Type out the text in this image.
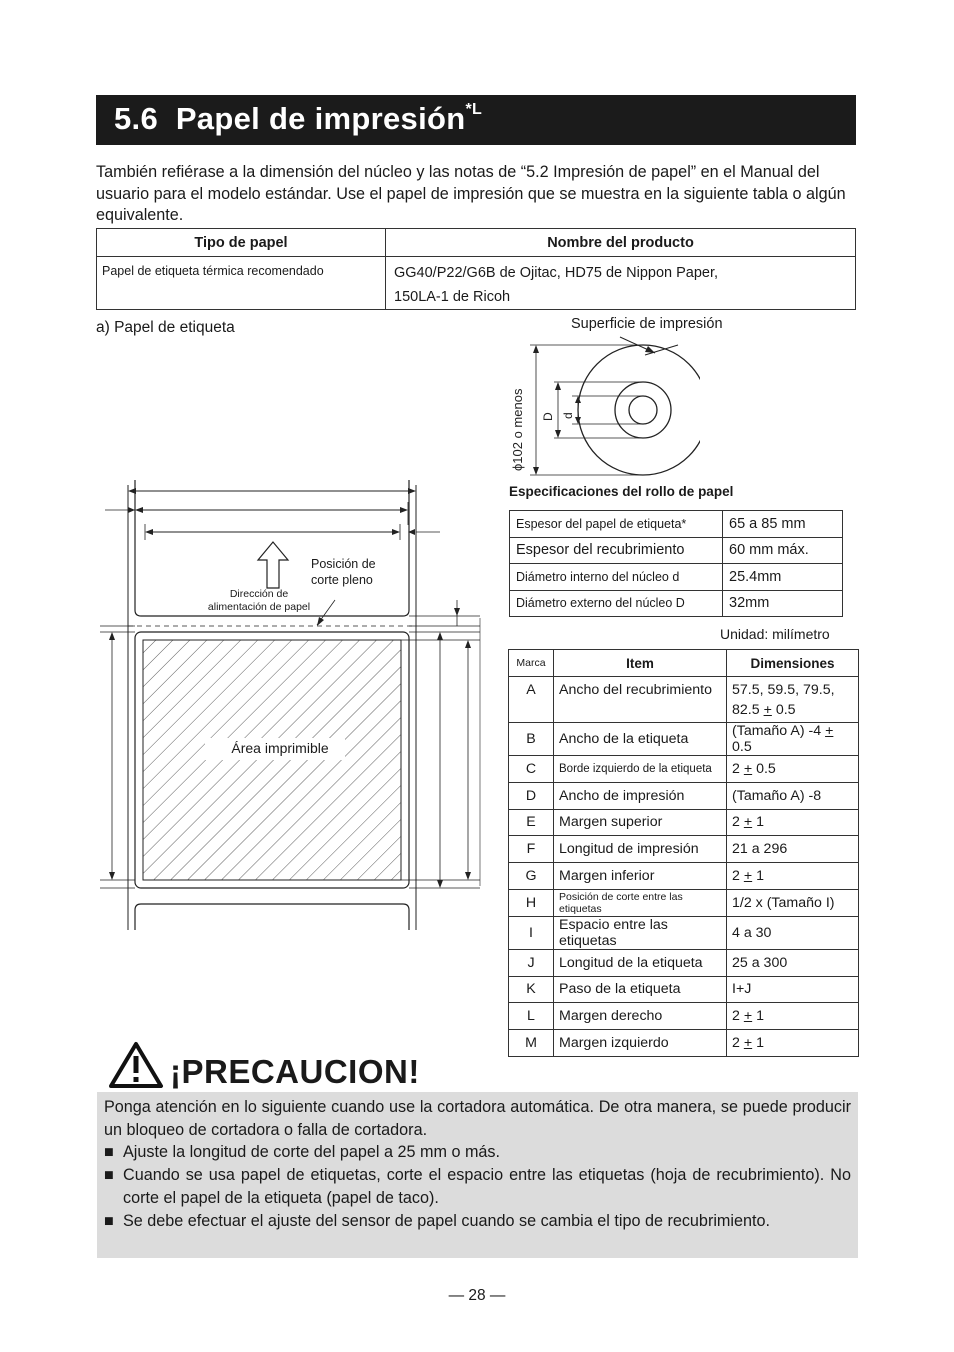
5.6 Papel de impresión$^{*L}$
También refiérase a la dimensión del núcleo y las notas de “5.2 Impresión de papel” en el Manual del usuario para el modelo estándar. Use el papel de impresión que se muestra en la siguiente tabla o algún equivalente.
Tipo de papel	Nombre del producto
Papel de etiqueta térmica recomendado	GG40/P22/G6B de Ojitac, HD75 de Nippon Paper,
150LA-1 de Ricoh
a) Papel de etiqueta	Superficie de impresión
ϕ102 o menos D d
Especificaciones del rollo de papel
Espesor del papel de etiqueta*	65 a 85 mm
Espesor del recubrimiento	60 mm máx.
Diámetro interno del núcleo d	25.4mm
Diámetro externo del núcleo D	32mm
Unidad: milímetro
Marca	Item	Dimensiones
A	Ancho del recubrimiento	57.5, 59.5, 79.5,
82.5 + 0.5

B	Ancho de la etiqueta	(Tamaño A) -4 + 0.5
C	Borde izquierdo de la etiqueta	2 + 0.5
D	Ancho de impresión	(Tamaño A) -8
E	Margen superior	2 + 1
F	Longitud de impresión	21 a 296
G	Margen inferior	2 + 1
H	Posición de corte entre las etiquetas	1/2 x (Tamaño I)
I	Espacio entre las etiquetas	4 a 30
J	Longitud de la etiqueta	25 a 300
K	Paso de la etiqueta	I+J
L	Margen derecho	2 + 1
M	Margen izquierdo	2 + 1
Posición de
corte pleno
Dirección de
alimentación de papel
Área imprimible
¡PRECAUCION!

Ponga atención en lo siguiente cuando use la cortadora automática. De otra manera, se puede producir un bloqueo de cortadora o falla de cortadora.

■ Ajuste la longitud de corte del papel a 25 mm o más.
■ Cuando se usa papel de etiquetas, corte el espacio entre las etiquetas (hoja de recubrimiento). No corte el papel de la etiqueta (papel de taco).
■ Se debe efectuar el ajuste del sensor de papel cuando se cambia el tipo de recubrimiento.
— 28 —
